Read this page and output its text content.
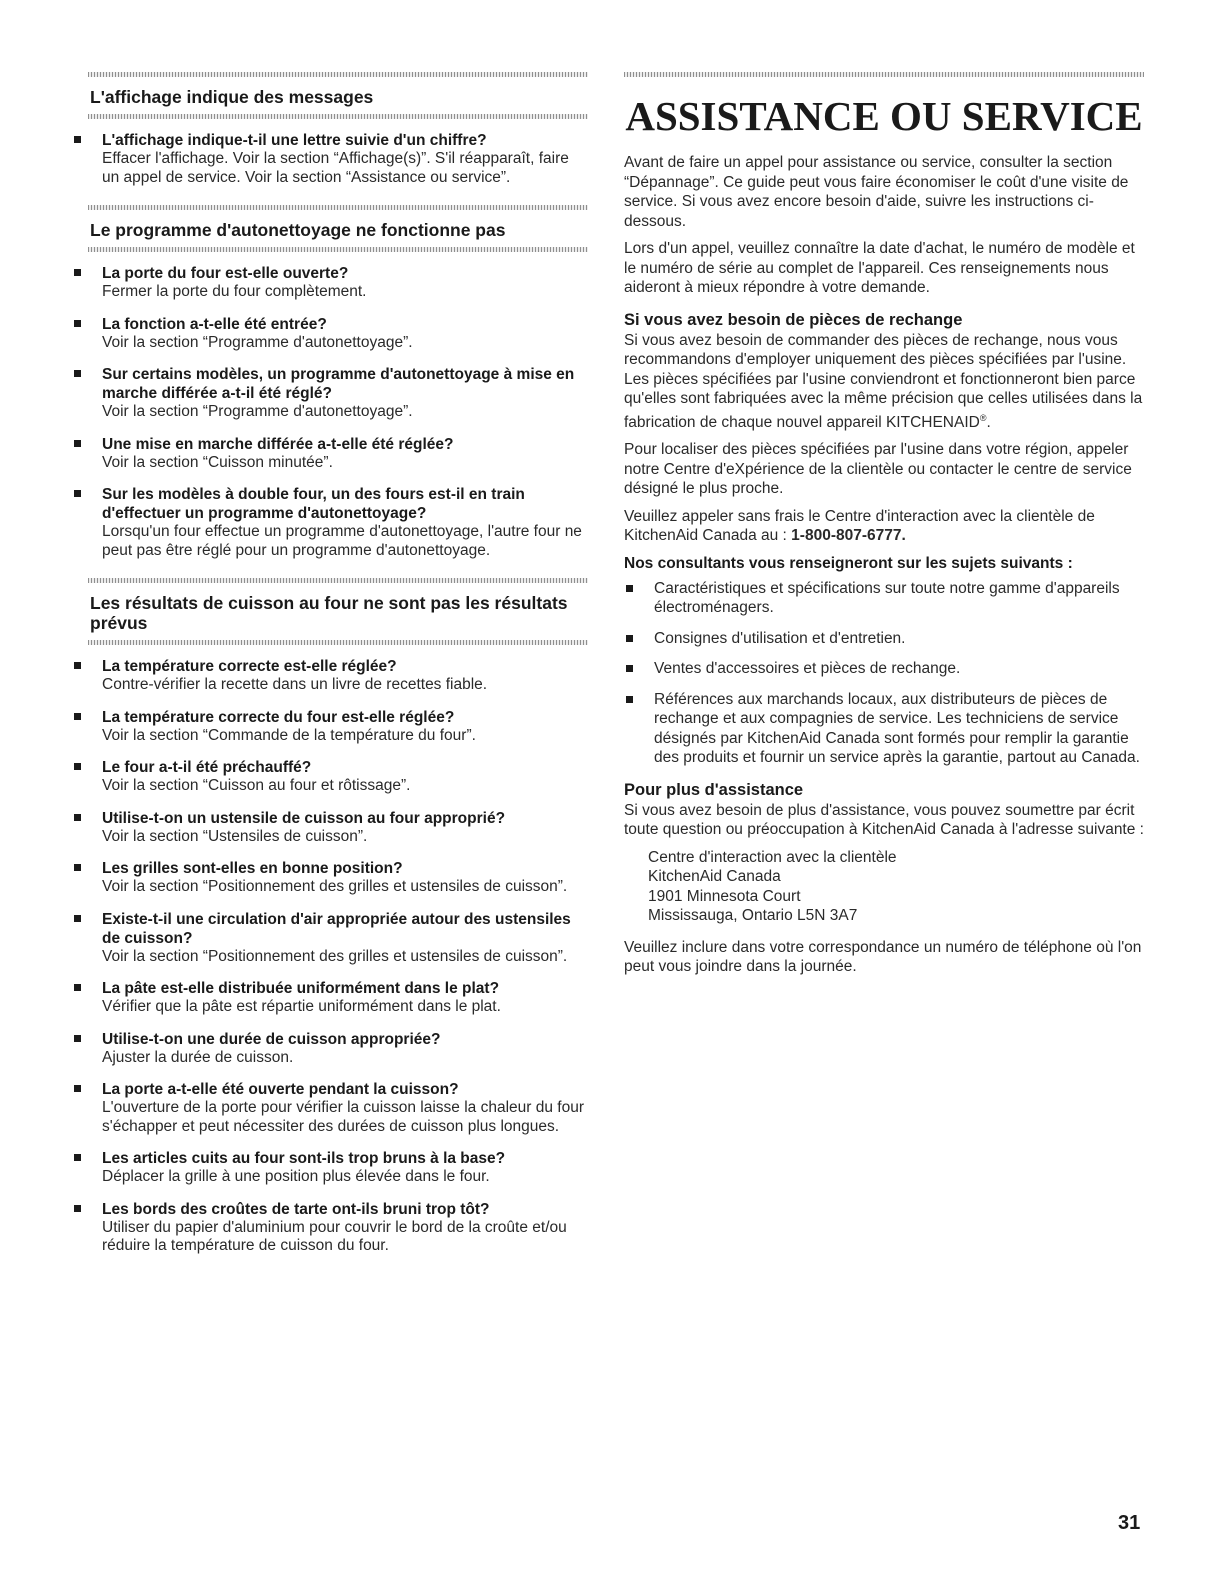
L'affichage indique des messages
L'affichage indique-t-il une lettre suivie d'un chiffre?
Effacer l'affichage. Voir la section “Affichage(s)”. S'il réapparaît, faire un appel de service. Voir la section “Assistance ou service”.
Le programme d'autonettoyage ne fonctionne pas
La porte du four est-elle ouverte?
Fermer la porte du four complètement.
La fonction a-t-elle été entrée?
Voir la section “Programme d'autonettoyage”.
Sur certains modèles, un programme d'autonettoyage à mise en marche différée a-t-il été réglé?
Voir la section “Programme d'autonettoyage”.
Une mise en marche différée a-t-elle été réglée?
Voir la section “Cuisson minutée”.
Sur les modèles à double four, un des fours est-il en train d'effectuer un programme d'autonettoyage?
Lorsqu'un four effectue un programme d'autonettoyage, l'autre four ne peut pas être réglé pour un programme d'autonettoyage.
Les résultats de cuisson au four ne sont pas les résultats prévus
La température correcte est-elle réglée?
Contre-vérifier la recette dans un livre de recettes fiable.
La température correcte du four est-elle réglée?
Voir la section “Commande de la température du four”.
Le four a-t-il été préchauffé?
Voir la section “Cuisson au four et rôtissage”.
Utilise-t-on un ustensile de cuisson au four approprié?
Voir la section “Ustensiles de cuisson”.
Les grilles sont-elles en bonne position?
Voir la section “Positionnement des grilles et ustensiles de cuisson”.
Existe-t-il une circulation d'air appropriée autour des ustensiles de cuisson?
Voir la section “Positionnement des grilles et ustensiles de cuisson”.
La pâte est-elle distribuée uniformément dans le plat?
Vérifier que la pâte est répartie uniformément dans le plat.
Utilise-t-on une durée de cuisson appropriée?
Ajuster la durée de cuisson.
La porte a-t-elle été ouverte pendant la cuisson?
L'ouverture de la porte pour vérifier la cuisson laisse la chaleur du four s'échapper et peut nécessiter des durées de cuisson plus longues.
Les articles cuits au four sont-ils trop bruns à la base?
Déplacer la grille à une position plus élevée dans le four.
Les bords des croûtes de tarte ont-ils bruni trop tôt?
Utiliser du papier d'aluminium pour couvrir le bord de la croûte et/ou réduire la température de cuisson du four.
ASSISTANCE OU SERVICE

Avant de faire un appel pour assistance ou service, consulter la section “Dépannage”. Ce guide peut vous faire économiser le coût d'une visite de service. Si vous avez encore besoin d'aide, suivre les instructions ci-dessous.

Lors d'un appel, veuillez connaître la date d'achat, le numéro de modèle et le numéro de série au complet de l'appareil. Ces renseignements nous aideront à mieux répondre à votre demande.

Si vous avez besoin de pièces de rechange

Si vous avez besoin de commander des pièces de rechange, nous vous recommandons d'employer uniquement des pièces spécifiées par l'usine. Les pièces spécifiées par l'usine conviendront et fonctionneront bien parce qu'elles sont fabriquées avec la même précision que celles utilisées dans la fabrication de chaque nouvel appareil KITCHENAID®.

Pour localiser des pièces spécifiées par l'usine dans votre région, appeler notre Centre d'eXpérience de la clientèle ou contacter le centre de service désigné le plus proche.

Veuillez appeler sans frais le Centre d'interaction avec la clientèle de KitchenAid Canada au : 1-800-807-6777.

Nos consultants vous renseigneront sur les sujets suivants :
Caractéristiques et spécifications sur toute notre gamme d'appareils électroménagers.
Consignes d'utilisation et d'entretien.
Ventes d'accessoires et pièces de rechange.
Références aux marchands locaux, aux distributeurs de pièces de rechange et aux compagnies de service. Les techniciens de service désignés par KitchenAid Canada sont formés pour remplir la garantie des produits et fournir un service après la garantie, partout au Canada.
Pour plus d'assistance

Si vous avez besoin de plus d'assistance, vous pouvez soumettre par écrit toute question ou préoccupation à KitchenAid Canada à l'adresse suivante :

Centre d'interaction avec la clientèle
KitchenAid Canada
1901 Minnesota Court
Mississauga, Ontario L5N 3A7

Veuillez inclure dans votre correspondance un numéro de téléphone où l'on peut vous joindre dans la journée.

31
